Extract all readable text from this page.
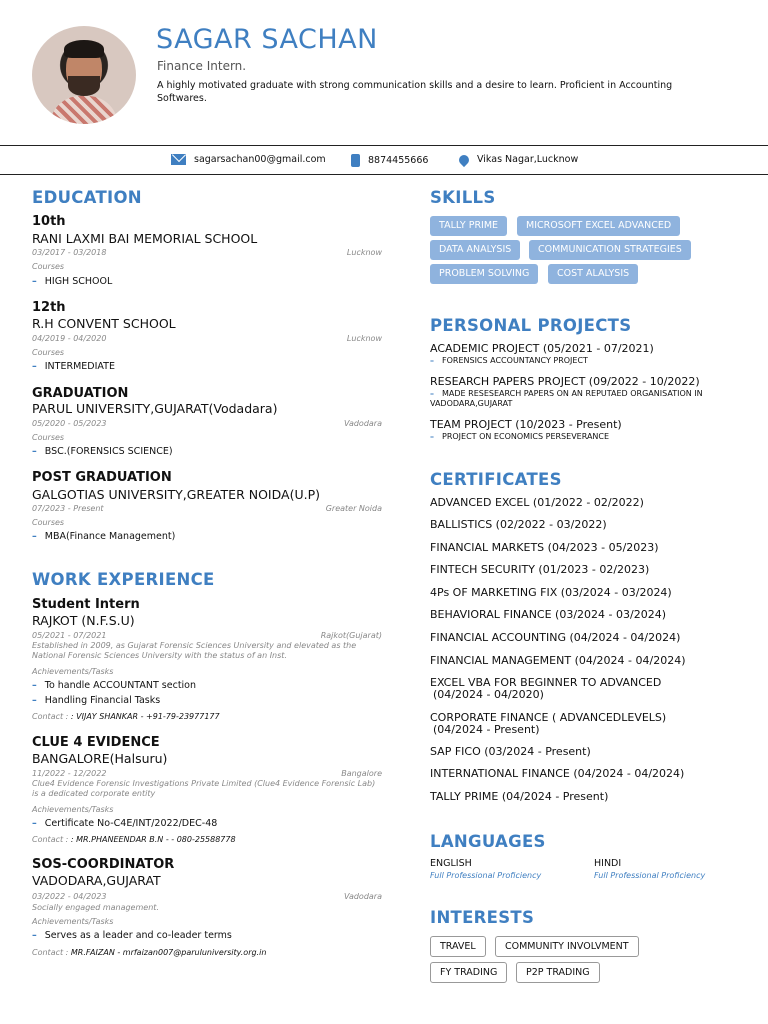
SAGAR SACHAN
Finance Intern.
A highly motivated graduate with strong communication skills and a desire to learn. Proficient in Accounting Softwares.
sagarsachan00@gmail.com	8874455666	Vikas Nagar,Lucknow
EDUCATION
10th
RANI LAXMI BAI MEMORIAL SCHOOL
03/2017 - 03/2018	Lucknow
Courses
– HIGH SCHOOL
12th
R.H CONVENT SCHOOL
04/2019 - 04/2020	Lucknow
Courses
– INTERMEDIATE
GRADUATION
PARUL UNIVERSITY,GUJARAT(Vodadara)
05/2020 - 05/2023	Vadodara
Courses
– BSC.(FORENSICS SCIENCE)
POST GRADUATION
GALGOTIAS UNIVERSITY,GREATER NOIDA(U.P)
07/2023 - Present	Greater Noida
Courses
– MBA(Finance Management)
WORK EXPERIENCE
Student Intern
RAJKOT (N.F.S.U)
05/2021 - 07/2021	Rajkot(Gujarat)
Established in 2009, as Gujarat Forensic Sciences University and elevated as the National Forensic Sciences University with the status of an Inst.
Achievements/Tasks
– To handle ACCOUNTANT section
– Handling Financial Tasks
Contact : : VIJAY SHANKAR - +91-79-23977177
CLUE 4 EVIDENCE
BANGALORE(Halsuru)
11/2022 - 12/2022	Bangalore
Clue4 Evidence Forensic Investigations Private Limited (Clue4 Evidence Forensic Lab) is a dedicated corporate entity
Achievements/Tasks
– Certificate No-C4E/INT/2022/DEC-48
Contact : : MR.PHANEENDAR B.N - - 080-25588778
SOS-COORDINATOR
VADODARA,GUJARAT
03/2022 - 04/2023	Vadodara
Socially engaged management.
Achievements/Tasks
– Serves as a leader and co-leader terms
Contact : MR.FAIZAN - mrfaizan007@paruluniversity.org.in
SKILLS
TALLY PRIME	MICROSOFT EXCEL ADVANCED
DATA ANALYSIS	COMMUNICATION STRATEGIES
PROBLEM SOLVING	COST ALALYSIS
PERSONAL PROJECTS
ACADEMIC PROJECT (05/2021 - 07/2021)
– FORENSICS ACCOUNTANCY PROJECT
RESEARCH PAPERS PROJECT (09/2022 - 10/2022)
– MADE RESESEARCH PAPERS ON AN REPUTAED ORGANISATION IN VADODARA,GUJARAT
TEAM PROJECT (10/2023 - Present)
– PROJECT ON ECONOMICS PERSEVERANCE
CERTIFICATES
ADVANCED EXCEL (01/2022 - 02/2022)
BALLISTICS (02/2022 - 03/2022)
FINANCIAL MARKETS (04/2023 - 05/2023)
FINTECH SECURITY (01/2023 - 02/2023)
4Ps OF MARKETING FIX (03/2024 - 03/2024)
BEHAVIORAL FINANCE (03/2024 - 03/2024)
FINANCIAL ACCOUNTING (04/2024 - 04/2024)
FINANCIAL MANAGEMENT (04/2024 - 04/2024)
EXCEL VBA FOR BEGINNER TO ADVANCED
(04/2024 - 04/2020)
CORPORATE FINANCE ( ADVANCEDLEVELS)
(04/2024 - Present)
SAP FICO (03/2024 - Present)
INTERNATIONAL FINANCE (04/2024 - 04/2024)
TALLY PRIME (04/2024 - Present)
LANGUAGES
ENGLISH
Full Professional Proficiency
HINDI
Full Professional Proficiency
INTERESTS
TRAVEL	COMMUNITY INVOLVMENT
FY TRADING	P2P TRADING
